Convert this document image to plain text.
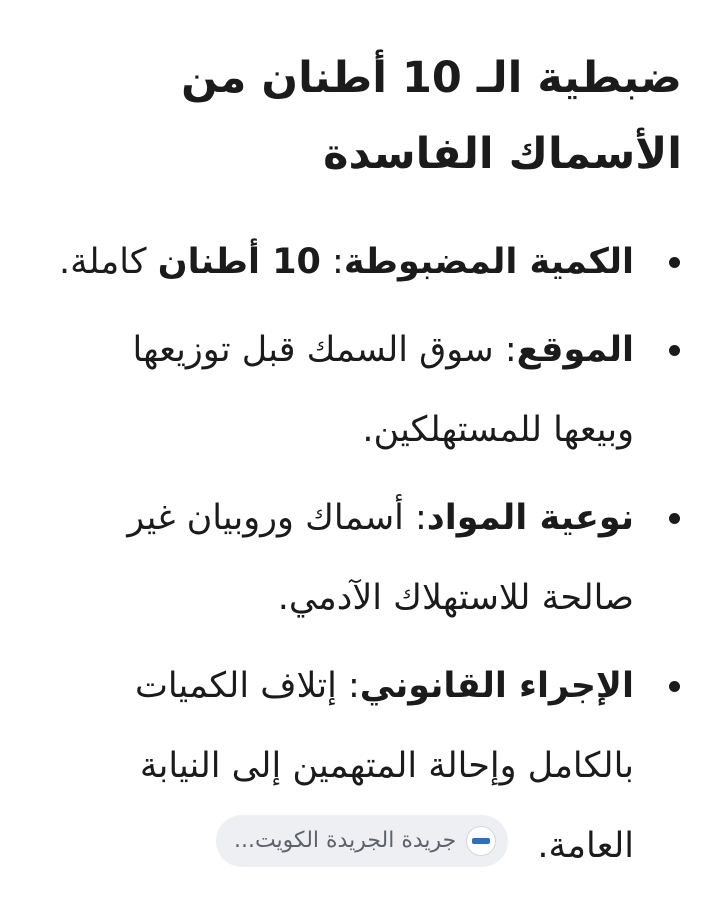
ضبطية الـ 10 أطنان من الأسماك الفاسدة
الكمية المضبوطة: 10 أطنان كاملة.
الموقع: سوق السمك قبل توزيعها وبيعها للمستهلكين.
نوعية المواد: أسماك وروبيان غير صالحة للاستهلاك الآدمي.
الإجراء القانوني: إتلاف الكميات بالكامل وإحالة المتهمين إلى النيابة العامة.
جريدة الجريدة الكويت...
